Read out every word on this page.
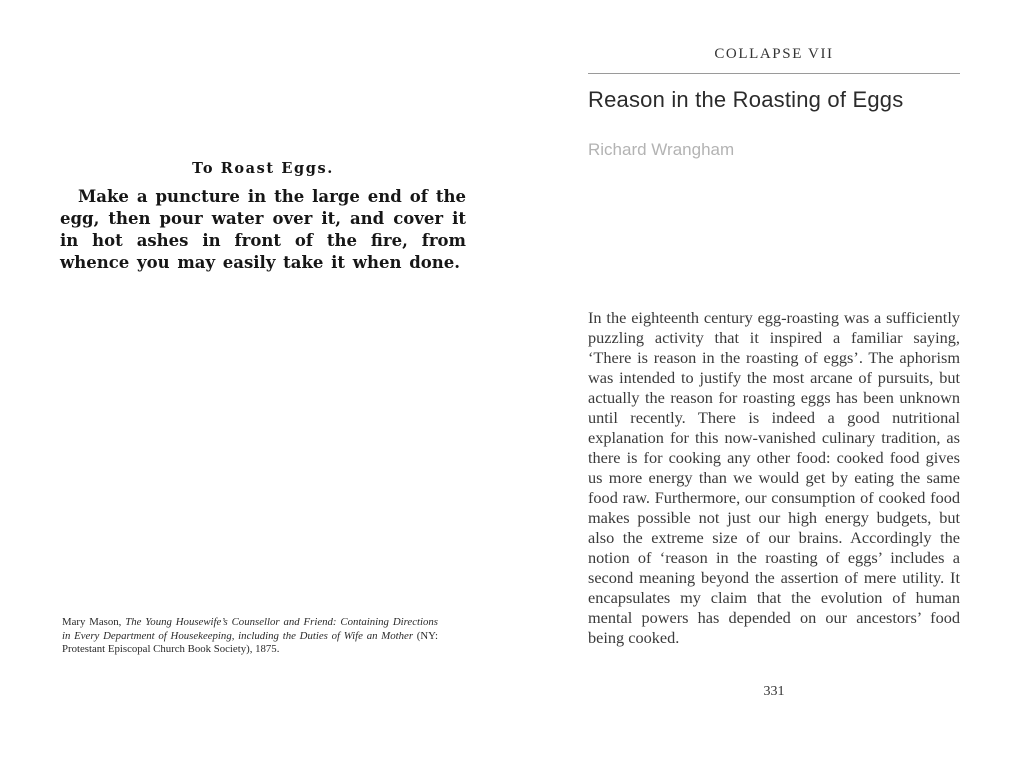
To Roast Eggs.
Make a puncture in the large end of the egg, then pour water over it, and cover it in hot ashes in front of the fire, from whence you may easily take it when done.
Mary Mason, The Young Housewife’s Counsellor and Friend: Containing Directions in Every Department of Housekeeping, including the Duties of Wife an Mother (NY: Protestant Episcopal Church Book Society), 1875.
COLLAPSE VII
Reason in the Roasting of Eggs
Richard Wrangham
In the eighteenth century egg-roasting was a sufficiently puzzling activity that it inspired a familiar saying, ‘There is reason in the roasting of eggs’. The aphorism was intended to justify the most arcane of pursuits, but actually the reason for roasting eggs has been unknown until recently. There is indeed a good nutritional explanation for this now-vanished culinary tradition, as there is for cooking any other food: cooked food gives us more energy than we would get by eating the same food raw. Furthermore, our consumption of cooked food makes possible not just our high energy budgets, but also the extreme size of our brains. Accordingly the notion of ‘reason in the roasting of eggs’ includes a second meaning beyond the assertion of mere utility. It encapsulates my claim that the evolution of human mental powers has depended on our ancestors’ food being cooked.
331
